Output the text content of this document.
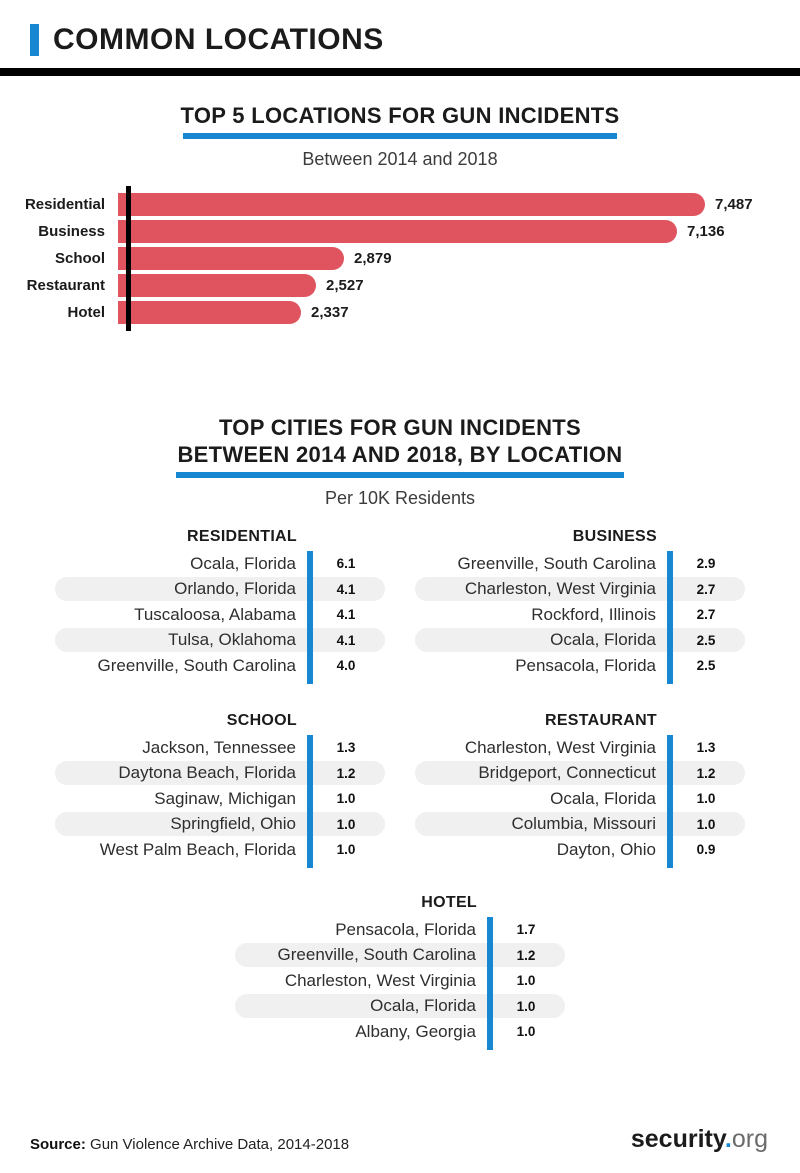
COMMON LOCATIONS
TOP 5 LOCATIONS FOR GUN INCIDENTS

Between 2014 and 2018

Residential	7,487
Business	7,136
School	2,879
Restaurant	2,527
Hotel	2,337
TOP CITIES FOR GUN INCIDENTS
BETWEEN 2014 AND 2018, BY LOCATION

Per 10K Residents

RESIDENTIAL
Ocala, Florida	6.1
Orlando, Florida	4.1
Tuscaloosa, Alabama	4.1
Tulsa, Oklahoma	4.1
Greenville, South Carolina	4.0
BUSINESS
Greenville, South Carolina	2.9
Charleston, West Virginia	2.7
Rockford, Illinois	2.7
Ocala, Florida	2.5
Pensacola, Florida	2.5
SCHOOL
Jackson, Tennessee	1.3
Daytona Beach, Florida	1.2
Saginaw, Michigan	1.0
Springfield, Ohio	1.0
West Palm Beach, Florida	1.0
RESTAURANT
Charleston, West Virginia	1.3
Bridgeport, Connecticut	1.2
Ocala, Florida	1.0
Columbia, Missouri	1.0
Dayton, Ohio	0.9
HOTEL
Pensacola, Florida	1.7
Greenville, South Carolina	1.2
Charleston, West Virginia	1.0
Ocala, Florida	1.0
Albany, Georgia	1.0

Source: Gun Violence Archive Data, 2014-2018	security.org
